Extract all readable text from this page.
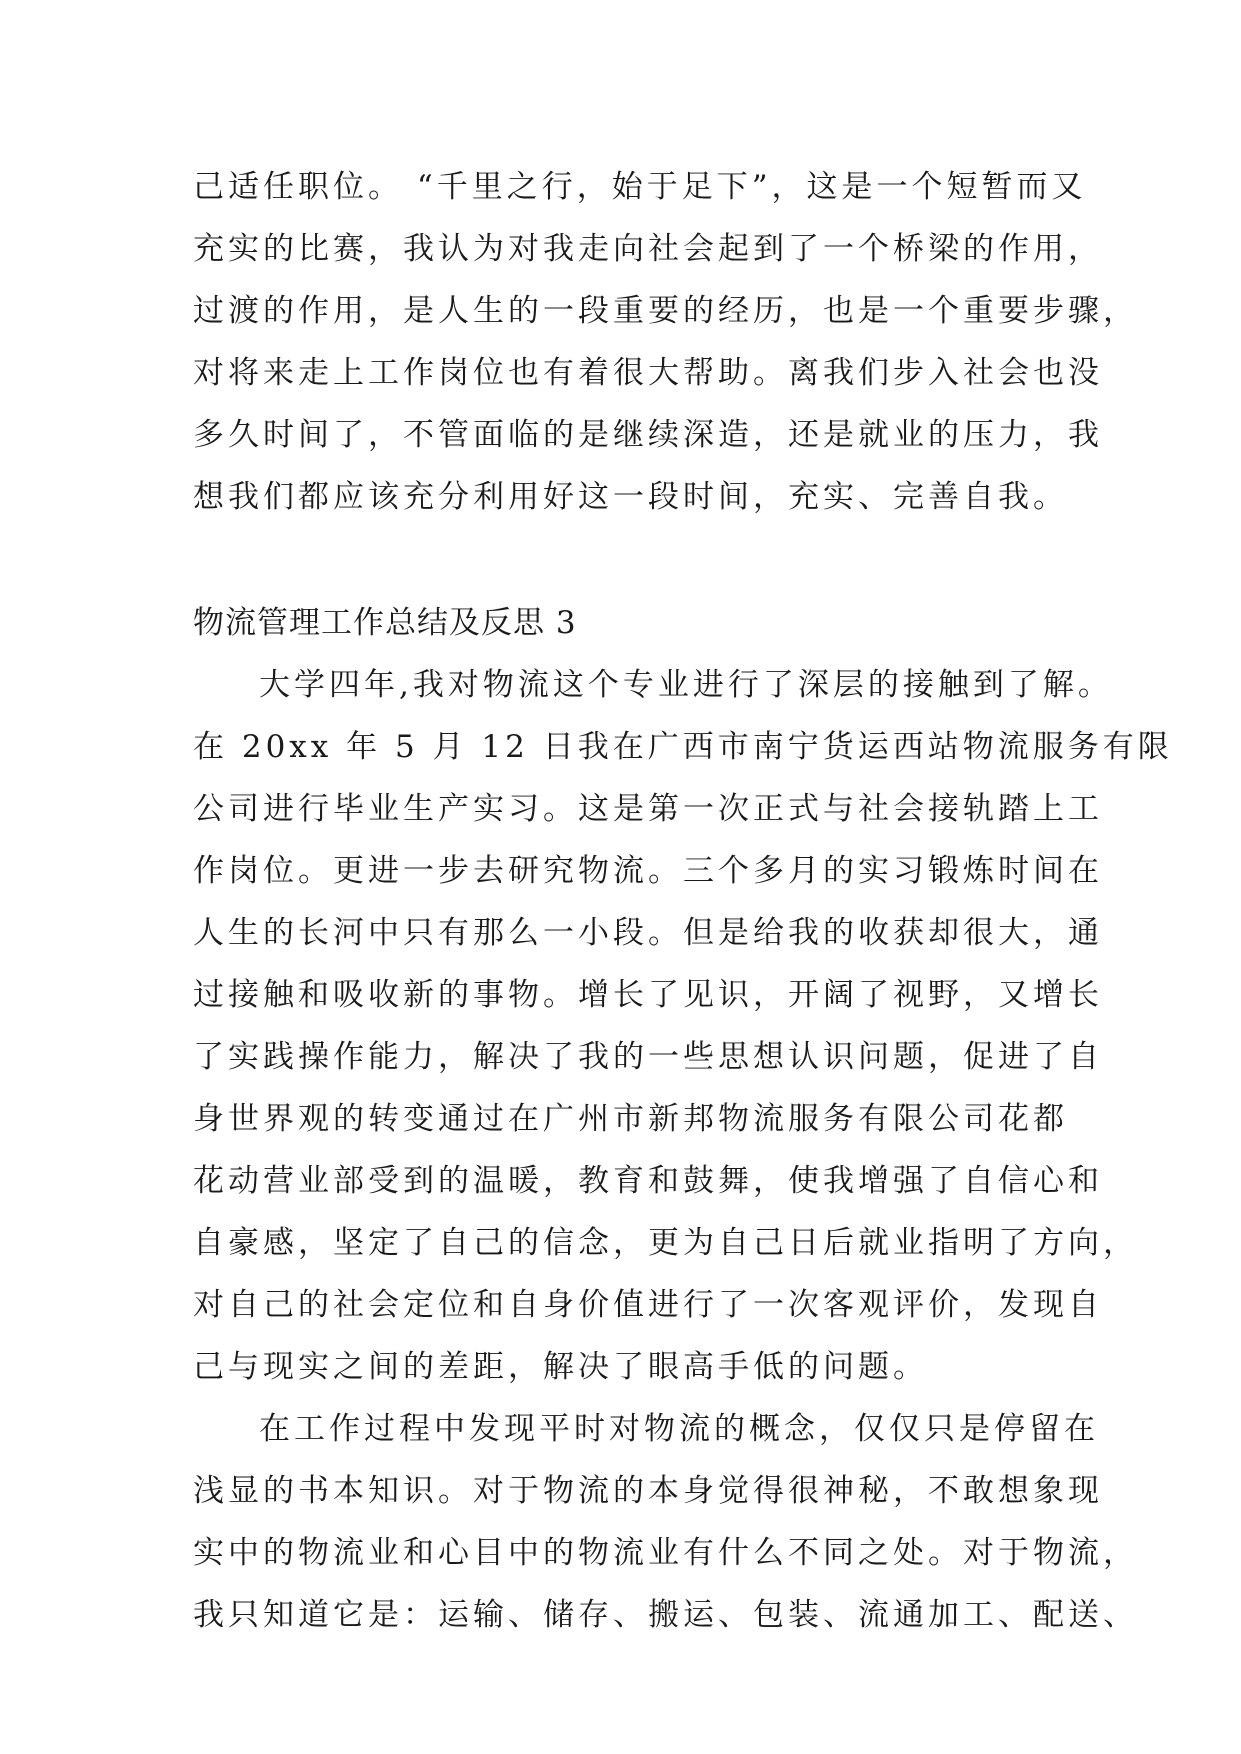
己适任职位。 “千里之行，始于足下”，这是一个短暂而又
充实的比赛，我认为对我走向社会起到了一个桥梁的作用，
过渡的作用，是人生的一段重要的经历，也是一个重要步骤，
对将来走上工作岗位也有着很大帮助。离我们步入社会也没
多久时间了，不管面临的是继续深造，还是就业的压力，我
想我们都应该充分利用好这一段时间，充实、完善自我。
物流管理工作总结及反思 3
大学四年,我对物流这个专业进行了深层的接触到了解。
在 20xx 年 5 月 12 日我在广西市南宁货运西站物流服务有限
公司进行毕业生产实习。这是第一次正式与社会接轨踏上工
作岗位。更进一步去研究物流。三个多月的实习锻炼时间在
人生的长河中只有那么一小段。但是给我的收获却很大，通
过接触和吸收新的事物。增长了见识，开阔了视野，又增长
了实践操作能力，解决了我的一些思想认识问题，促进了自
身世界观的转变通过在广州市新邦物流服务有限公司花都
花动营业部受到的温暖，教育和鼓舞，使我增强了自信心和
自豪感，坚定了自己的信念，更为自己日后就业指明了方向，
对自己的社会定位和自身价值进行了一次客观评价，发现自
己与现实之间的差距，解决了眼高手低的问题。
在工作过程中发现平时对物流的概念，仅仅只是停留在
浅显的书本知识。对于物流的本身觉得很神秘，不敢想象现
实中的物流业和心目中的物流业有什么不同之处。对于物流，
我只知道它是：运输、储存、搬运、包装、流通加工、配送、
